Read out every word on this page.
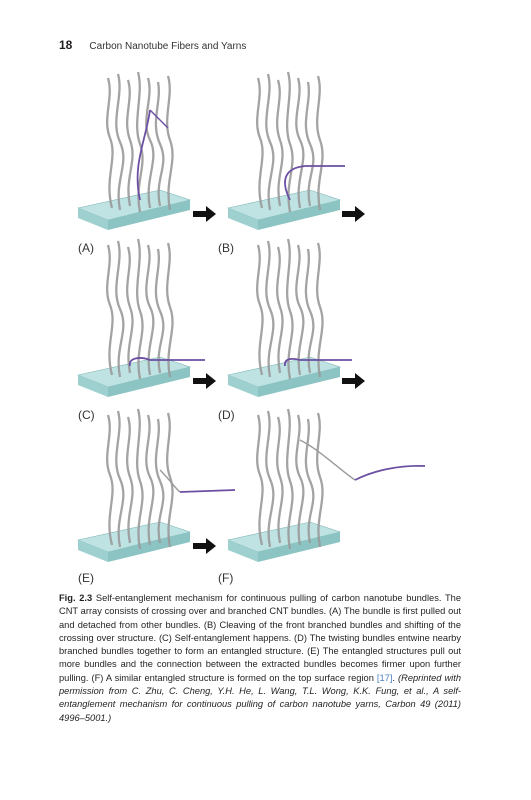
18 Carbon Nanotube Fibers and Yarns
(A)	(B)
(C)	(D)
(E)	(F)
Fig. 2.3 Self-entanglement mechanism for continuous pulling of carbon nanotube bundles. The CNT array consists of crossing over and branched CNT bundles. (A) The bundle is first pulled out and detached from other bundles. (B) Cleaving of the front branched bundles and shifting of the crossing over structure. (C) Self-entanglement happens. (D) The twisting bundles entwine nearby branched bundles together to form an entangled structure. (E) The entangled structures pull out more bundles and the connection between the extracted bundles becomes firmer upon further pulling. (F) A similar entangled structure is formed on the top surface region [17]. (Reprinted with permission from C. Zhu, C. Cheng, Y.H. He, L. Wang, T.L. Wong, K.K. Fung, et al., A self-entanglement mechanism for continuous pulling of carbon nanotube yarns, Carbon 49 (2011) 4996–5001.)
